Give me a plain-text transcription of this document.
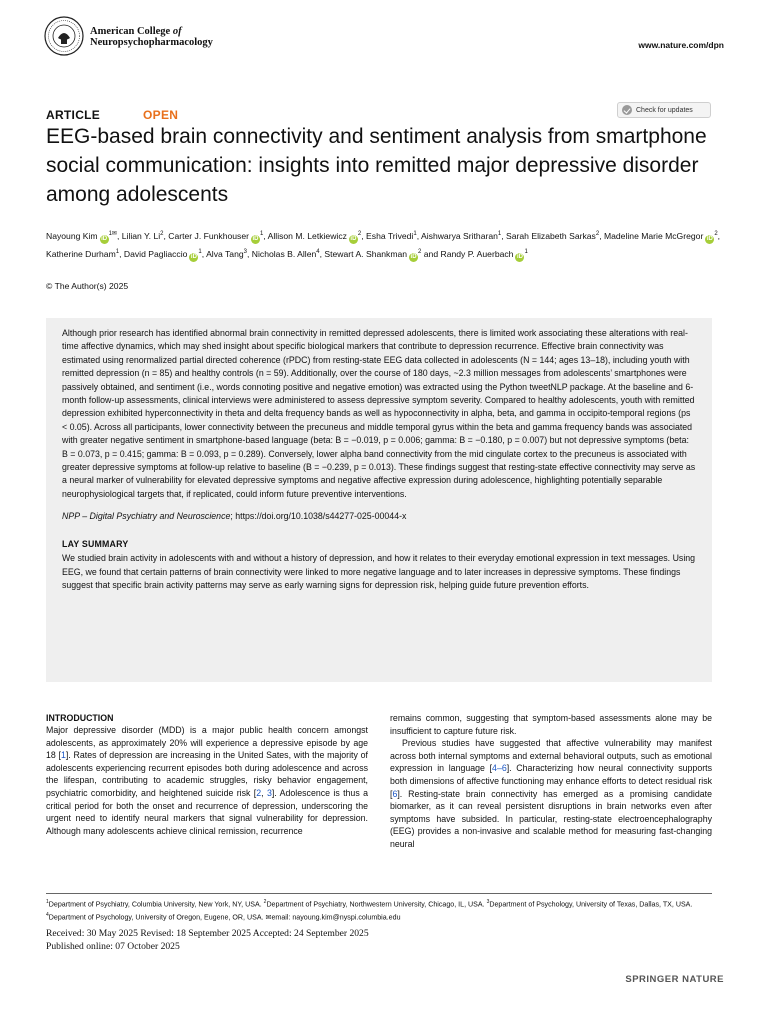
American College of
Neuropsychopharmacology	www.nature.com/dpn
ARTICLE	OPEN	Check for updates
EEG-based brain connectivity and sentiment analysis from smartphone social communication: insights into remitted major depressive disorder among adolescents
Nayoung Kim $iD^{1✉}$, Lilian Y. Li$^2$, Carter J. Funkhouser $iD^1$, Allison M. Letkiewicz $iD^2$, Esha Trivedi$^1$, Aishwarya Sritharan$^1$, Sarah Elizabeth Sarkas$^2$, Madeline Marie McGregor $iD^2$, Katherine Durham$^1$, David Pagliaccio $iD^1$, Alva Tang$^3$, Nicholas B. Allen$^4$, Stewart A. Shankman $iD^2$ and Randy P. Auerbach $iD^1$
© The Author(s) 2025

Although prior research has identified abnormal brain connectivity in remitted depressed adolescents, there is limited work associating these alterations with real-time affective dynamics, which may shed insight about specific biological markers that contribute to depression recurrence. Effective brain connectivity was estimated using renormalized partial directed coherence (rPDC) from resting-state EEG data collected in adolescents (N = 144; ages 13–18), including youth with remitted depression (n = 85) and healthy controls (n = 59). Additionally, over the course of 180 days, ~2.3 million messages from adolescents’ smartphones were passively obtained, and sentiment (i.e., words connoting positive and negative emotion) was extracted using the Python tweetNLP package. At the baseline and 6-month follow-up assessments, clinical interviews were administered to assess depressive symptom severity. Compared to healthy adolescents, youth with remitted depression exhibited hyperconnectivity in theta and delta frequency bands as well as hypoconnectivity in alpha, beta, and gamma in occipito-temporal regions (ps < 0.05). Across all participants, lower connectivity between the precuneus and middle temporal gyrus within the beta and gamma frequency bands was associated with greater negative sentiment in smartphone-based language (beta: B = −0.019, p = 0.006; gamma: B = −0.180, p = 0.007) but not depressive symptoms (beta: B = 0.073, p = 0.415; gamma: B = 0.093, p = 0.289). Conversely, lower alpha band connectivity from the mid cingulate cortex to the precuneus is associated with greater depressive symptoms at follow-up relative to baseline (B = −0.239, p = 0.013). These findings suggest that resting-state effective connectivity may serve as a neural marker of vulnerability for elevated depressive symptoms and negative affective expression during adolescence, highlighting potentially separable neurophysiological targets that, if replicated, could inform future preventive interventions.

NPP – Digital Psychiatry and Neuroscience; https://doi.org/10.1038/s44277-025-00044-x

LAY SUMMARY

We studied brain activity in adolescents with and without a history of depression, and how it relates to their everyday emotional expression in text messages. Using EEG, we found that certain patterns of brain connectivity were linked to more negative language and to later increases in depressive symptoms. These findings suggest that specific brain activity patterns may serve as early warning signs for depression risk, helping guide future prevention efforts.

INTRODUCTION

Major depressive disorder (MDD) is a major public health concern amongst adolescents, as approximately 20% will experience a depressive episode by age 18 [1]. Rates of depression are increasing in the United Sates, with the majority of adolescents experiencing recurrent episodes both during adolescence and across the lifespan, contributing to academic struggles, risky behavior engagement, psychiatric comorbidity, and heightened suicide risk [2, 3]. Adolescence is thus a critical period for both the onset and recurrence of depression, underscoring the urgent need to identify neural markers that signal vulnerability for depression. Although many adolescents achieve clinical remission, recurrence

remains common, suggesting that symptom-based assessments alone may be insufficient to capture future risk.

Previous studies have suggested that affective vulnerability may manifest across both internal symptoms and external behavioral outputs, such as emotional expression in language [4–6]. Characterizing how neural connectivity supports both dimensions of affective functioning may enhance efforts to detect residual risk [6]. Resting-state brain connectivity has emerged as a promising candidate biomarker, as it can reveal persistent disruptions in brain networks even after symptoms have subsided. In particular, resting-state electroencephalography (EEG) provides a non-invasive and scalable method for measuring fast-changing neural

$^1$Department of Psychiatry, Columbia University, New York, NY, USA. $^2$Department of Psychiatry, Northwestern University, Chicago, IL, USA. $^3$Department of Psychology, University of Texas, Dallas, TX, USA. $^4$Department of Psychology, University of Oregon, Eugene, OR, USA. ✉email: nayoung.kim@nyspi.columbia.edu
Received: 30 May 2025 Revised: 18 September 2025 Accepted: 24 September 2025
Published online: 07 October 2025
SPRINGER NATURE
